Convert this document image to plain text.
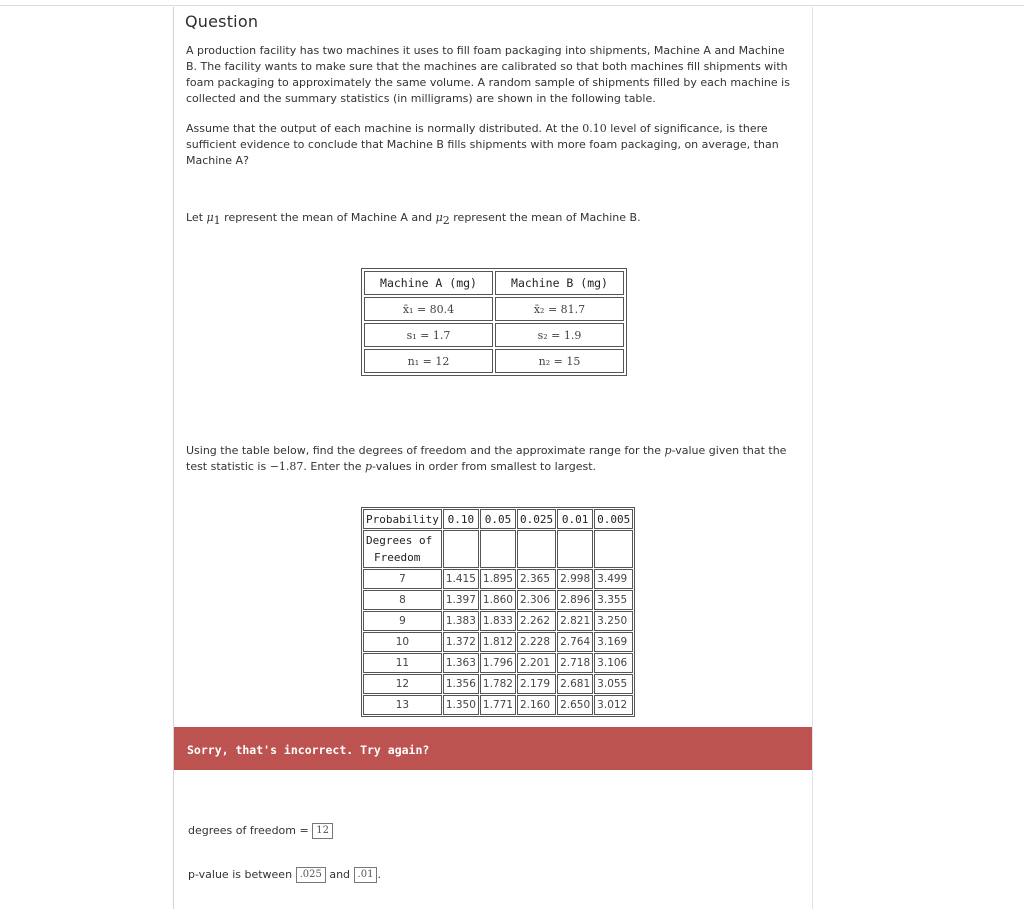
Question

A production facility has two machines it uses to fill foam packaging into shipments, Machine A and Machine B. The facility wants to make sure that the machines are calibrated so that both machines fill shipments with foam packaging to approximately the same volume. A random sample of shipments filled by each machine is collected and the summary statistics (in milligrams) are shown in the following table.

Assume that the output of each machine is normally distributed. At the 0.10 level of significance, is there sufficient evidence to conclude that Machine B fills shipments with more foam packaging, on average, than Machine A?

Let $\mu_1$ represent the mean of Machine A and $\mu_2$ represent the mean of Machine B.

Machine A (mg)	Machine B (mg)
x̄₁ = 80.4	x̄₂ = 81.7
s₁ = 1.7	s₂ = 1.9
n₁ = 12	n₂ = 15

Using the table below, find the degrees of freedom and the approximate range for the p-value given that the test statistic is −1.87. Enter the p-values in order from smallest to largest.

Probability	0.10	0.05	0.025	0.01	0.005
Degrees of
Freedom					
7	1.415	1.895	2.365	2.998	3.499
8	1.397	1.860	2.306	2.896	3.355
9	1.383	1.833	2.262	2.821	3.250
10	1.372	1.812	2.228	2.764	3.169
11	1.363	1.796	2.201	2.718	3.106
12	1.356	1.782	2.179	2.681	3.055
13	1.350	1.771	2.160	2.650	3.012
Sorry, that's incorrect. Try again?
degrees of freedom = 12
p-value is between .025 and .01 .
